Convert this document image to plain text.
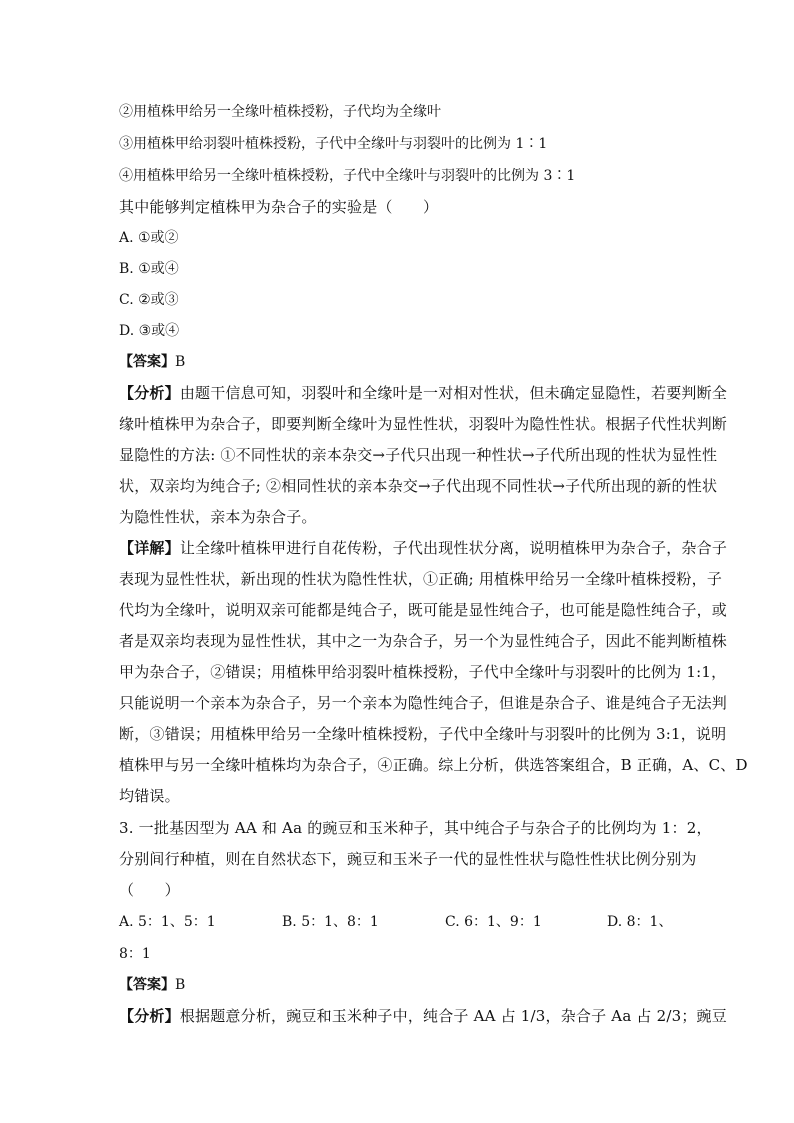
②用植株甲给另一全缘叶植株授粉，子代均为全缘叶
③用植株甲给羽裂叶植株授粉，子代中全缘叶与羽裂叶的比例为 1∶1
④用植株甲给另一全缘叶植株授粉，子代中全缘叶与羽裂叶的比例为 3∶1
其中能够判定植株甲为杂合子的实验是（　　）
A. ①或②
B. ①或④
C. ②或③
D. ③或④
【答案】B
【分析】由题干信息可知，羽裂叶和全缘叶是一对相对性状，但未确定显隐性，若要判断全
缘叶植株甲为杂合子，即要判断全缘叶为显性性状，羽裂叶为隐性性状。根据子代性状判断
显隐性的方法: ①不同性状的亲本杂交→子代只出现一种性状→子代所出现的性状为显性性
状，双亲均为纯合子; ②相同性状的亲本杂交→子代出现不同性状→子代所出现的新的性状
为隐性性状，亲本为杂合子。
【详解】让全缘叶植株甲进行自花传粉，子代出现性状分离，说明植株甲为杂合子，杂合子
表现为显性性状，新出现的性状为隐性性状，①正确; 用植株甲给另一全缘叶植株授粉，子
代均为全缘叶，说明双亲可能都是纯合子，既可能是显性纯合子，也可能是隐性纯合子，或
者是双亲均表现为显性性状，其中之一为杂合子，另一个为显性纯合子，因此不能判断植株
甲为杂合子，②错误；用植株甲给羽裂叶植株授粉，子代中全缘叶与羽裂叶的比例为 1:1，
只能说明一个亲本为杂合子，另一个亲本为隐性纯合子，但谁是杂合子、谁是纯合子无法判
断，③错误；用植株甲给另一全缘叶植株授粉，子代中全缘叶与羽裂叶的比例为 3:1，说明
植株甲与另一全缘叶植株均为杂合子，④正确。综上分析，供选答案组合，B 正确，A、C、D
均错误。
3. 一批基因型为 AA 和 Aa 的豌豆和玉米种子，其中纯合子与杂合子的比例均为 1：2，
分别间行种植，则在自然状态下，豌豆和玉米子一代的显性性状与隐性性状比例分别为
（　　）
A. 5：1、5：1	B. 5：1、8：1	C. 6：1、9：1	D. 8：1、
8：1
【答案】B
【分析】根据题意分析，豌豆和玉米种子中，纯合子 AA 占 1/3，杂合子 Aa 占 2/3；豌豆
